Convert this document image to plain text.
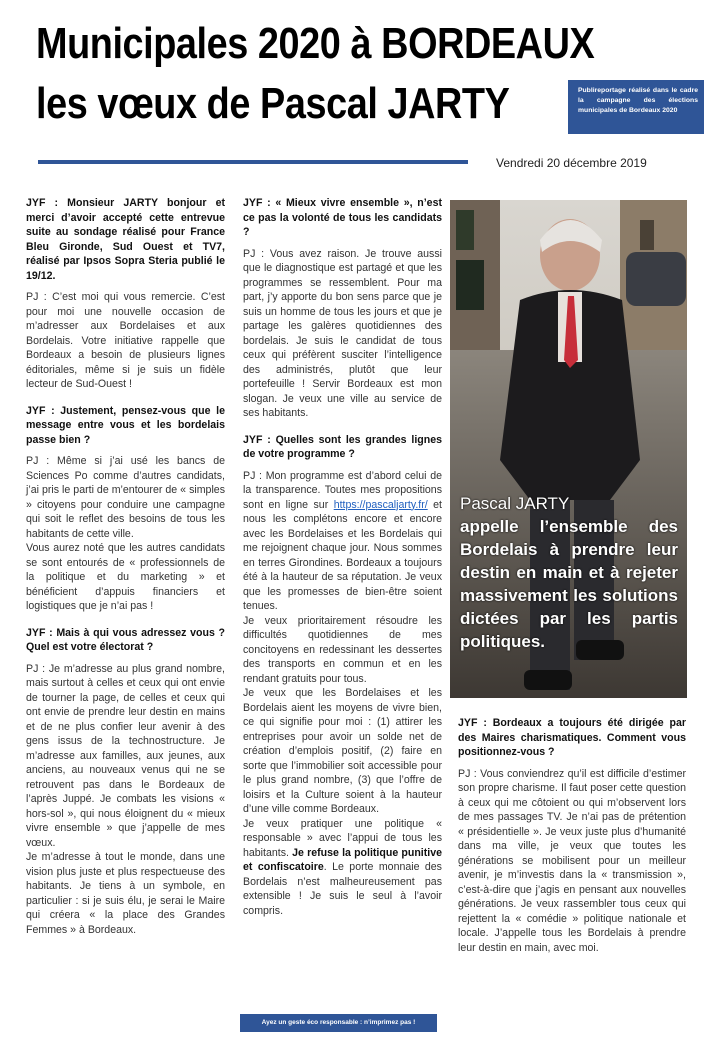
Municipales 2020 à BORDEAUX
les vœux de Pascal JARTY	Publireportage réalisé dans le cadre la campagne des élections municipales de Bordeaux 2020
Vendredi 20 décembre 2019
JYF : Monsieur JARTY bonjour et merci d’avoir accepté cette entrevue suite au sondage réalisé pour France Bleu Gironde, Sud Ouest et TV7, réalisé par Ipsos Sopra Steria publié le 19/12.
PJ : C’est moi qui vous remercie. C’est pour moi une nouvelle occasion de m’adresser aux Bordelaises et aux Bordelais. Votre initiative rappelle que Bordeaux a besoin de plusieurs lignes éditoriales, même si je suis un fidèle lecteur de Sud-Ouest !
JYF : Justement, pensez-vous que le message entre vous et les bordelais passe bien ?

PJ : Même si j’ai usé les bancs de Sciences Po comme d’autres candidats, j’ai pris le parti de m’entourer de « simples » citoyens pour conduire une campagne qui soit le reflet des besoins de tous les habitants de cette ville.

Vous aurez noté que les autres candidats se sont entourés de « professionnels de la politique et du marketing » et bénéficient d’appuis financiers et logistiques que je n’ai pas !

JYF : Mais à qui vous adressez vous ? Quel est votre électorat ?

PJ : Je m’adresse au plus grand nombre, mais surtout à celles et ceux qui ont envie de tourner la page, de celles et ceux qui ont envie de prendre leur destin en mains et de ne plus confier leur avenir à des gens issus de la technostructure. Je m’adresse aux familles, aux jeunes, aux anciens, au nouveaux venus qui ne se retrouvent pas dans le Bordeaux de l’après Juppé. Je combats les visions « hors-sol », qui nous éloignent du « mieux vivre ensemble » que j’appelle de mes vœux.

Je m’adresse à tout le monde, dans une vision plus juste et plus respectueuse des habitants. Je tiens à un symbole, en particulier : si je suis élu, je serai le Maire qui créera « la place des Grandes Femmes » à Bordeaux.

JYF : « Mieux vivre ensemble », n’est ce pas la volonté de tous les candidats ?
PJ : Vous avez raison. Je trouve aussi que le diagnostique est partagé et que les programmes se ressemblent. Pour ma part, j’y apporte du bon sens parce que je suis un homme de tous les jours et que je partage les galères quotidiennes des bordelais. Je suis le candidat de tous ceux qui préfèrent susciter l’intelligence des administrés, plutôt que leur portefeuille ! Servir Bordeaux est mon slogan. Je veux une ville au service de ses habitants.
JYF : Quelles sont les grandes lignes de votre programme ?

PJ : Mon programme est d’abord celui de la transparence. Toutes mes propositions sont en ligne sur https://pascaljarty.fr/ et nous les complétons encore et encore avec les Bordelaises et les Bordelais qui me rejoignent chaque jour. Nous sommes en terres Girondines. Bordeaux a toujours été à la hauteur de sa réputation. Je veux que les promesses de bien-être soient tenues.

Je veux prioritairement résoudre les difficultés quotidiennes de mes concitoyens en redessinant les dessertes des transports en commun et en les rendant gratuits pour tous.

Je veux que les Bordelaises et les Bordelais aient les moyens de vivre bien, ce qui signifie pour moi : (1) attirer les entreprises pour avoir un solde net de création d’emplois positif, (2) faire en sorte que l’immobilier soit accessible pour le plus grand nombre, (3) que l’offre de loisirs et la Culture soient à la hauteur d’une ville comme Bordeaux.

Je veux pratiquer une politique « responsable » avec l’appui de tous les habitants. Je refuse la politique punitive et confiscatoire. Le porte monnaie des Bordelais n’est malheureusement pas extensible ! Je suis le seul à l’avoir compris.

Pascal JARTY
appelle l’ensemble des Bordelais à prendre leur destin en main et à rejeter massivement les solutions dictées par les partis politiques.
JYF : Bordeaux a toujours été dirigée par des Maires charismatiques. Comment vous positionnez-vous ?
PJ : Vous conviendrez qu’il est difficile d’estimer son propre charisme. Il faut poser cette question à ceux qui me côtoient ou qui m’observent lors de mes passages TV. Je n’ai pas de prétention « présidentielle ». Je veux juste plus d’humanité dans ma ville, je veux que toutes les générations se mobilisent pour un meilleur avenir, je m’investis dans la « transmission », c’est-à-dire que j’agis en pensant aux nouvelles générations. Je veux rassembler tous ceux qui rejettent la « comédie » politique nationale et locale. J’appelle tous les Bordelais à prendre leur destin en main, avec moi.
Ayez un geste éco responsable : n’imprimez pas !
